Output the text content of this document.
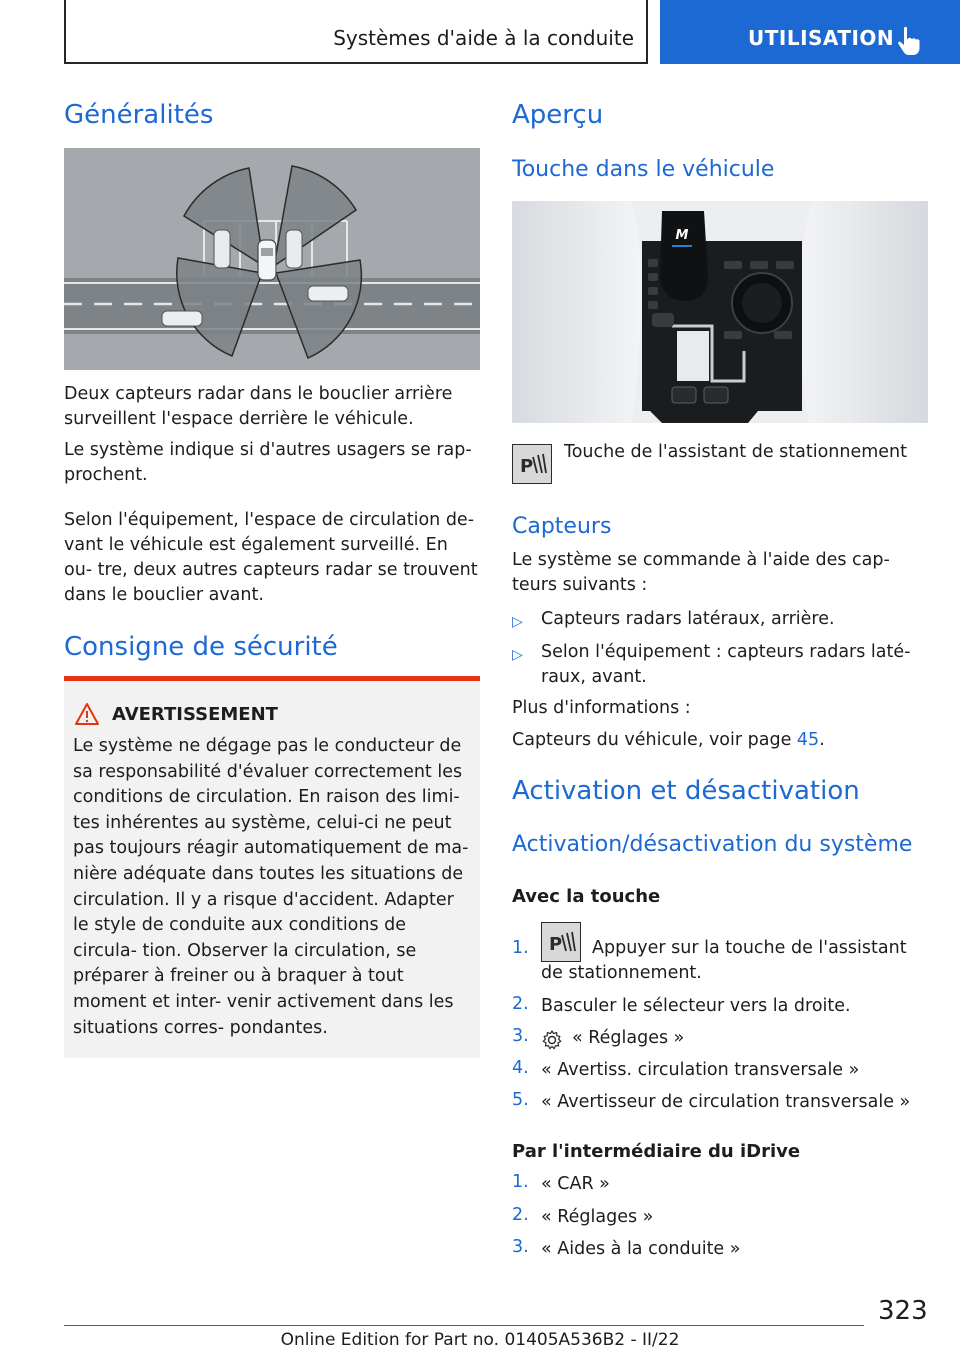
Systèmes d'aide à la conduite	UTILISATION
Généralités
Deux capteurs radar dans le bouclier arrière surveillent l'espace derrière le véhicule.
Le système indique si d'autres usagers se rap- prochent.
Selon l'équipement, l'espace de circulation de- vant le véhicule est également surveillé. En ou- tre, deux autres capteurs radar se trouvent dans le bouclier avant.
Consigne de sécurité
AVERTISSEMENT
Le système ne dégage pas le conducteur de sa responsabilité d'évaluer correctement les conditions de circulation. En raison des limi- tes inhérentes au système, celui-ci ne peut pas toujours réagir automatiquement de ma- nière adéquate dans toutes les situations de circulation. Il y a risque d'accident. Adapter le style de conduite aux conditions de circula- tion. Observer la circulation, se préparer à freiner ou à braquer à tout moment et inter- venir activement dans les situations corres- pondantes.
Aperçu
Touche dans le véhicule
M
P
Touche de l'assistant de stationnement
Capteurs
Le système se commande à l'aide des cap- teurs suivants :
▷ Capteurs radars latéraux, arrière.
▷ Selon l'équipement : capteurs radars laté- raux, avant.
Plus d'informations :
Capteurs du véhicule, voir page 45.
Activation et désactivation
Activation/désactivation du système
Avec la touche
1. P Appuyer sur la touche de l'assistant
de stationnement.
2. Basculer le sélecteur vers la droite.
3. « Réglages »
4. « Avertiss. circulation transversale »
5. « Avertisseur de circulation transversale »
Par l'intermédiaire du iDrive
1. « CAR »
2. « Réglages »
3. « Aides à la conduite »
323
Online Edition for Part no. 01405A536B2 - II/22
